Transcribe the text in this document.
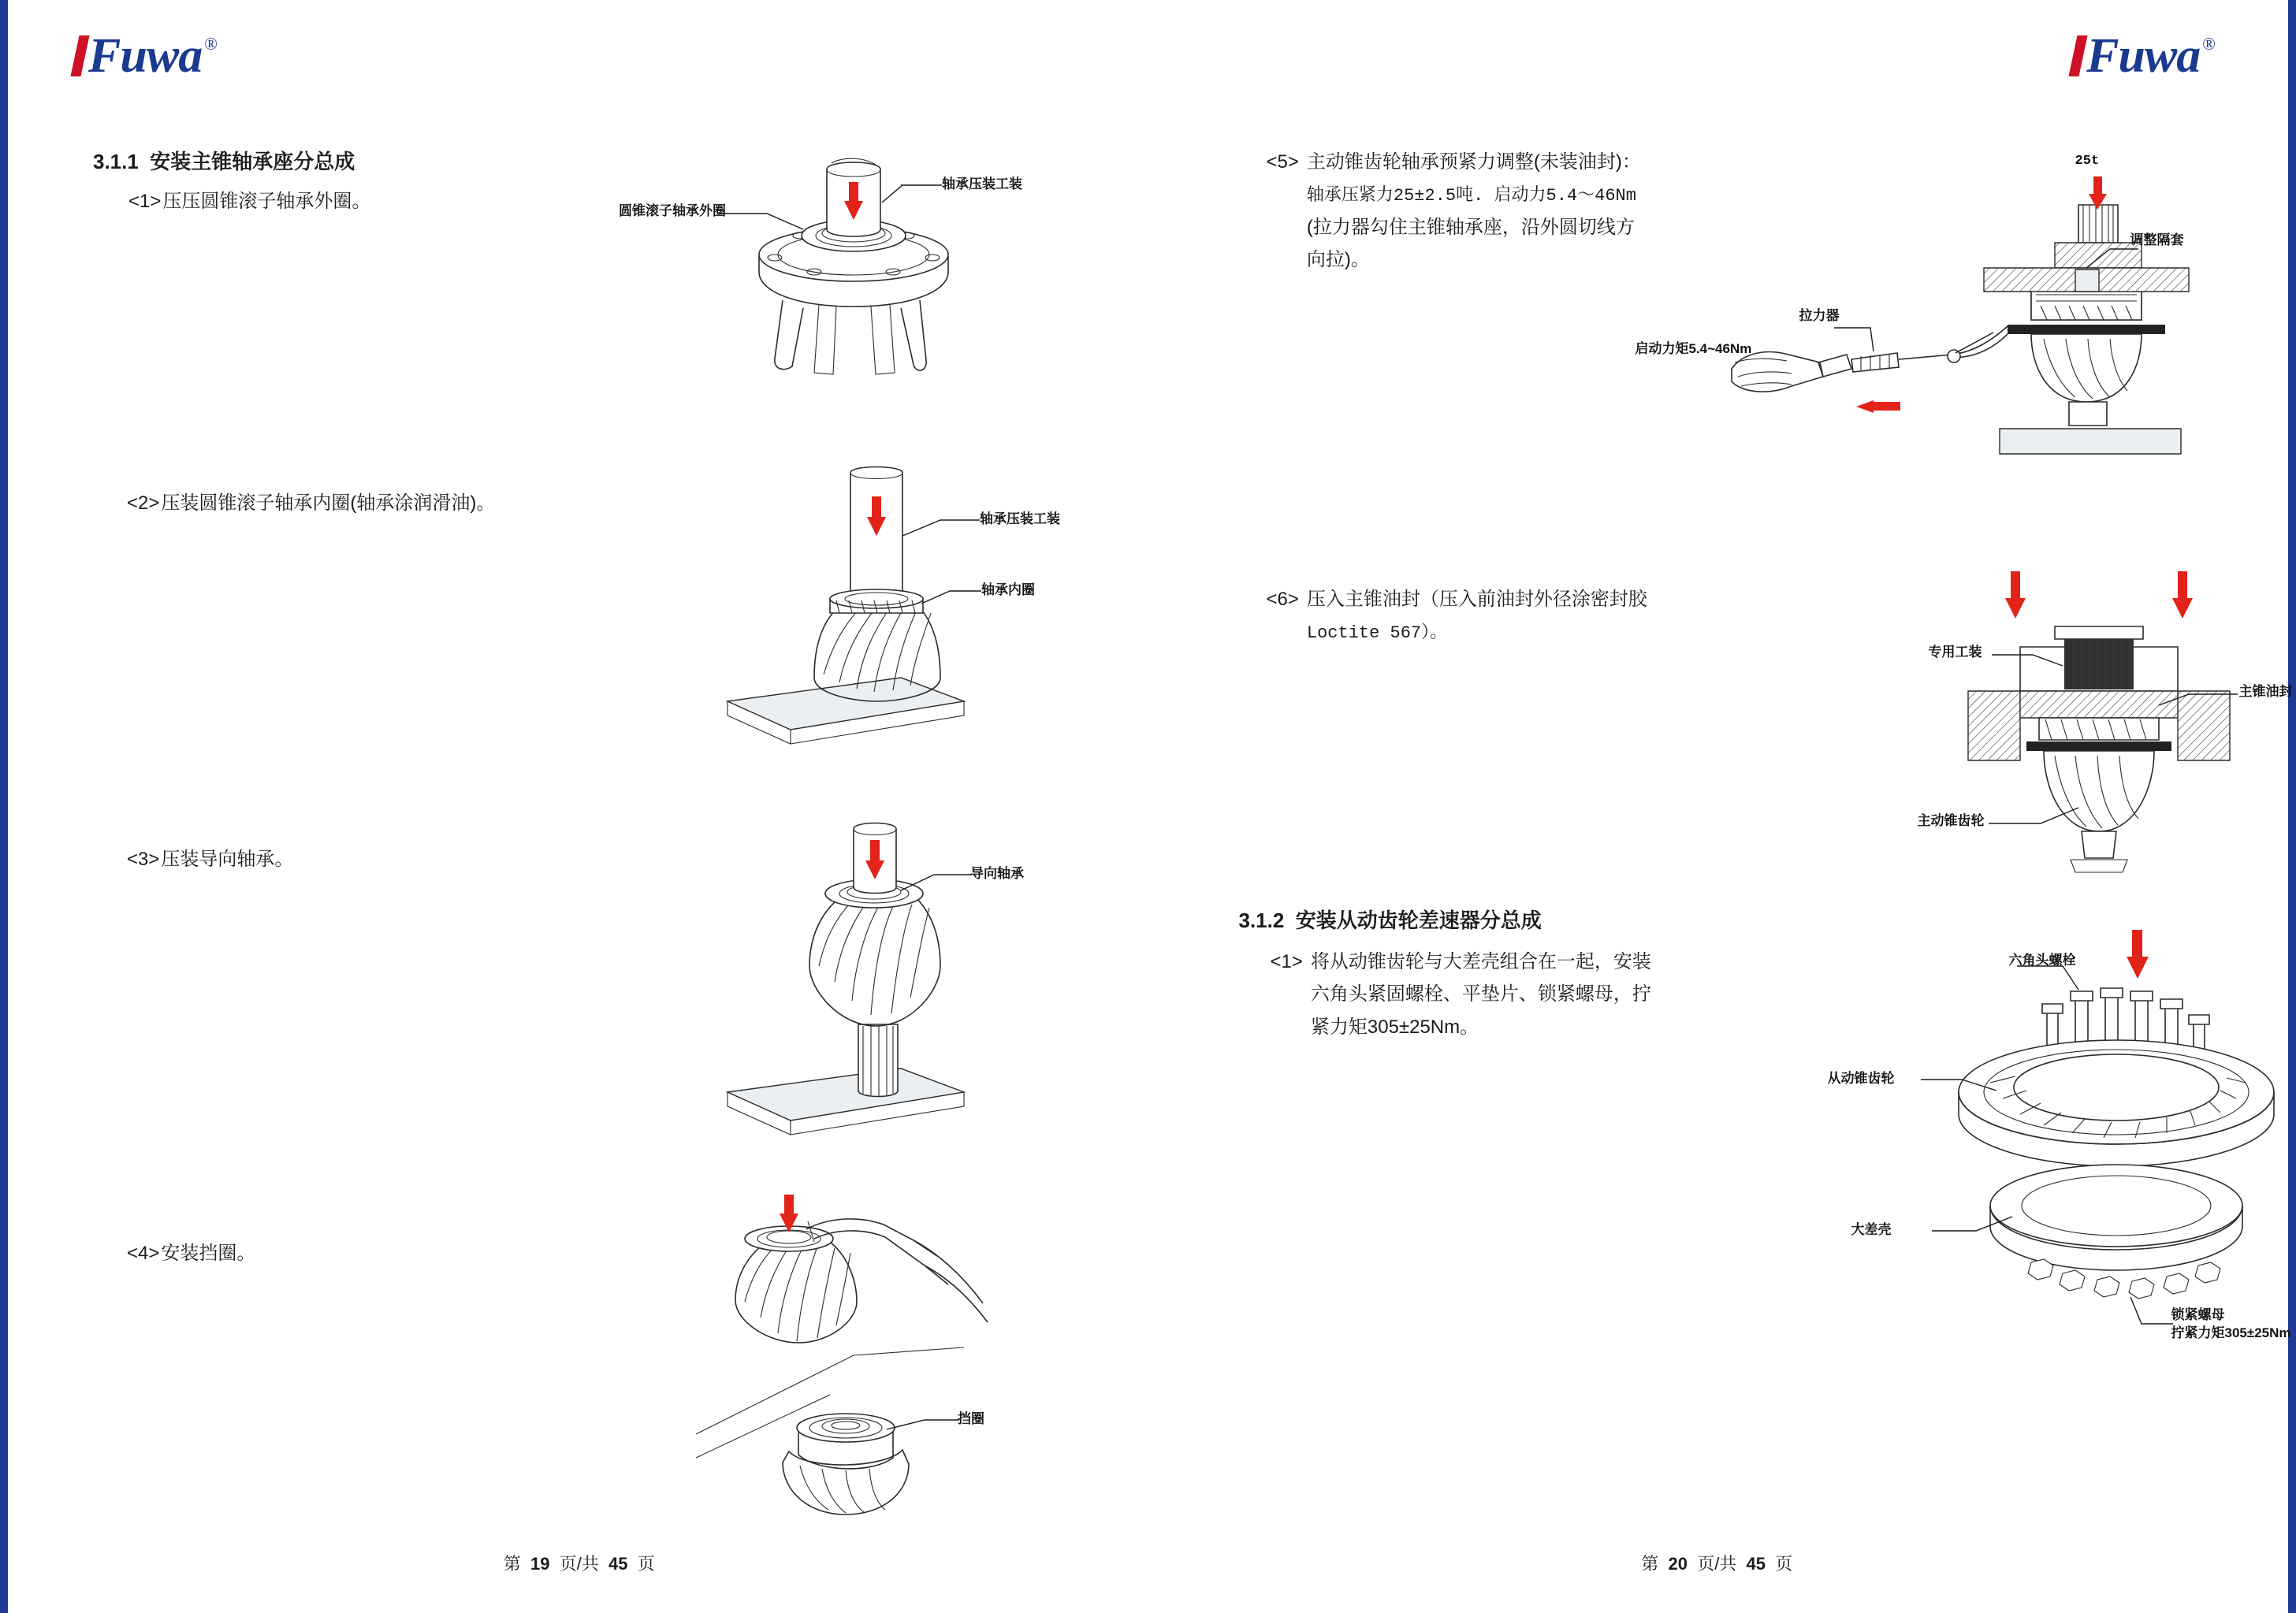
Fuwa ®
3.1.1 安装主锥轴承座分总成
<1>压压圆锥滚子轴承外圈。
<2>压装圆锥滚子轴承内圈(轴承涂润滑油)。
<3>压装导向轴承。
<4>安装挡圈。
轴承压装工装
圆锥滚子轴承外圈
轴承压装工装
轴承内圈
导向轴承
挡圈
第 19 页/共 45 页
Fuwa ®
<5> 主动锥齿轮轴承预紧力调整(未装油封)：
轴承压紧力25±2.5吨. 启动力5.4～46Nm
(拉力器勾住主锥轴承座，沿外圆切线方
向拉)。
<6> 压入主锥油封（压入前油封外径涂密封胶
Loctite 567）。
3.1.2 安装从动齿轮差速器分总成
<1> 将从动锥齿轮与大差壳组合在一起，安装
六角头紧固螺栓、平垫片、锁紧螺母，拧
紧力矩305±25Nm。
25t
拉力器
启动力矩5.4~46Nm
调整隔套
专用工装
主锥油封
主动锥齿轮
六角头螺栓
从动锥齿轮
大差壳
锁紧螺母
拧紧力矩305±25Nm
第 20 页/共 45 页
